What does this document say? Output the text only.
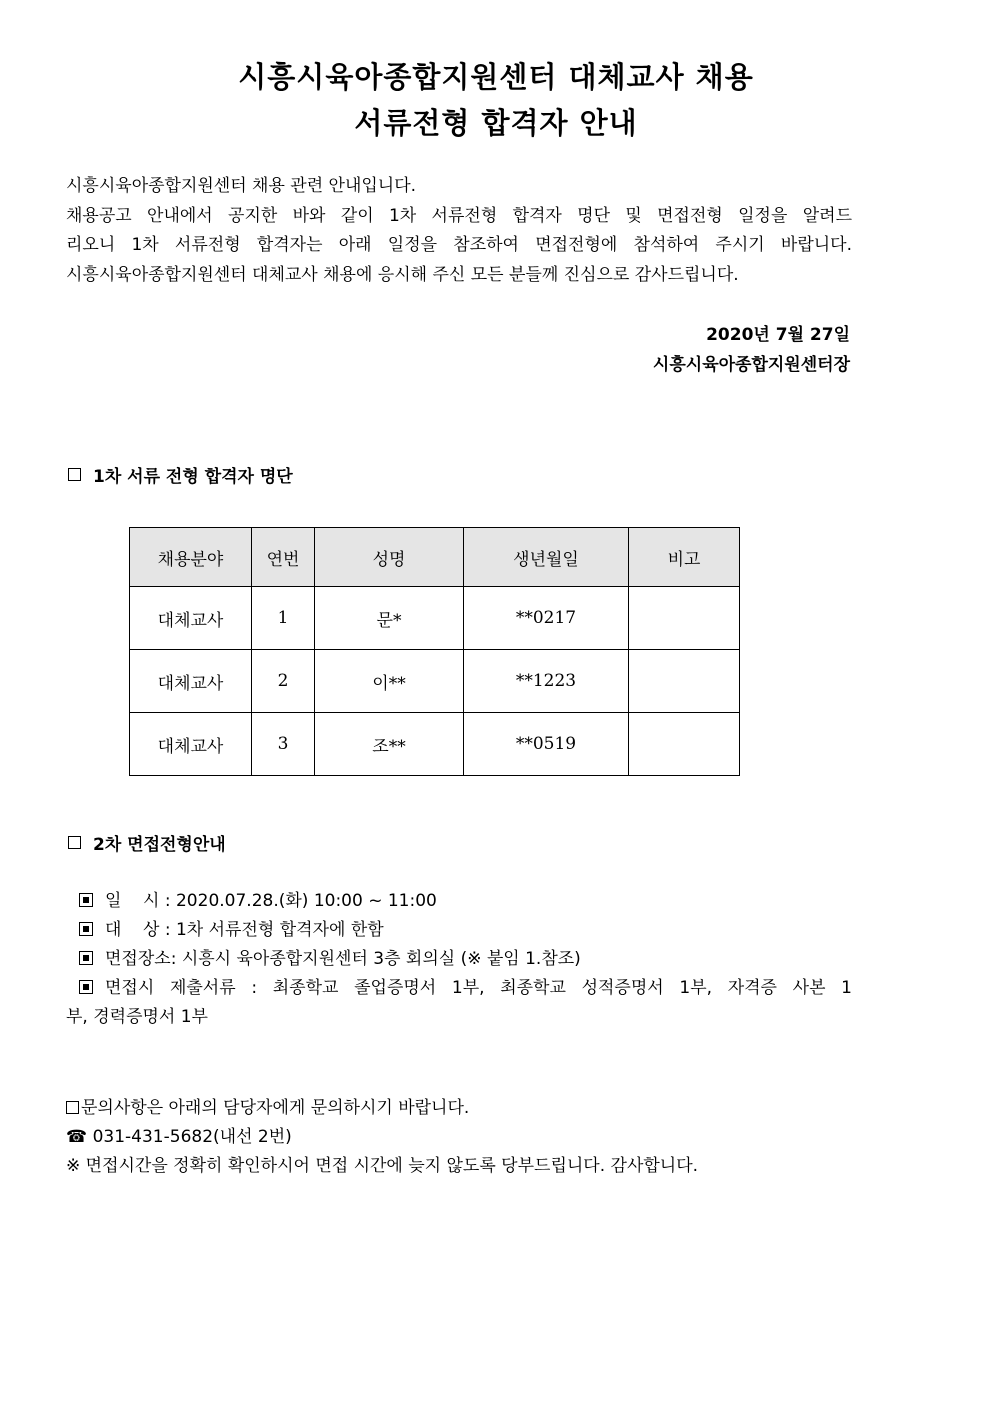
시흥시육아종합지원센터 대체교사 채용
서류전형 합격자 안내

시흥시육아종합지원센터 채용 관련 안내입니다.

채용공고 안내에서 공지한 바와 같이 1차 서류전형 합격자 명단 및 면접전형 일정을 알려드

리오니 1차 서류전형 합격자는 아래 일정을 참조하여 면접전형에 참석하여 주시기 바랍니다.

시흥시육아종합지원센터 대체교사 채용에 응시해 주신 모든 분들께 진심으로 감사드립니다.

2020년 7월 27일

시흥시육아종합지원센터장

1차 서류 전형 합격자 명단
채용분야	연번	성명	생년월일	비고
대체교사	1	문*	**0217	
대체교사	2	이**	**1223	
대체교사	3	조**	**0519	
2차 면접전형안내

일    시 : 2020.07.28.(화) 10:00 ~ 11:00

대    상 : 1차 서류전형 합격자에 한함

면접장소: 시흥시 육아종합지원센터 3층 회의실 (※ 붙임 1.참조)

면접시 제출서류 : 최종학교 졸업증명서 1부, 최종학교 성적증명서 1부, 자격증 사본 1

부, 경력증명서 1부

문의사항은 아래의 담당자에게 문의하시기 바랍니다.

☎ 031-431-5682(내선 2번)

※ 면접시간을 정확히 확인하시어 면접 시간에 늦지 않도록 당부드립니다. 감사합니다.
